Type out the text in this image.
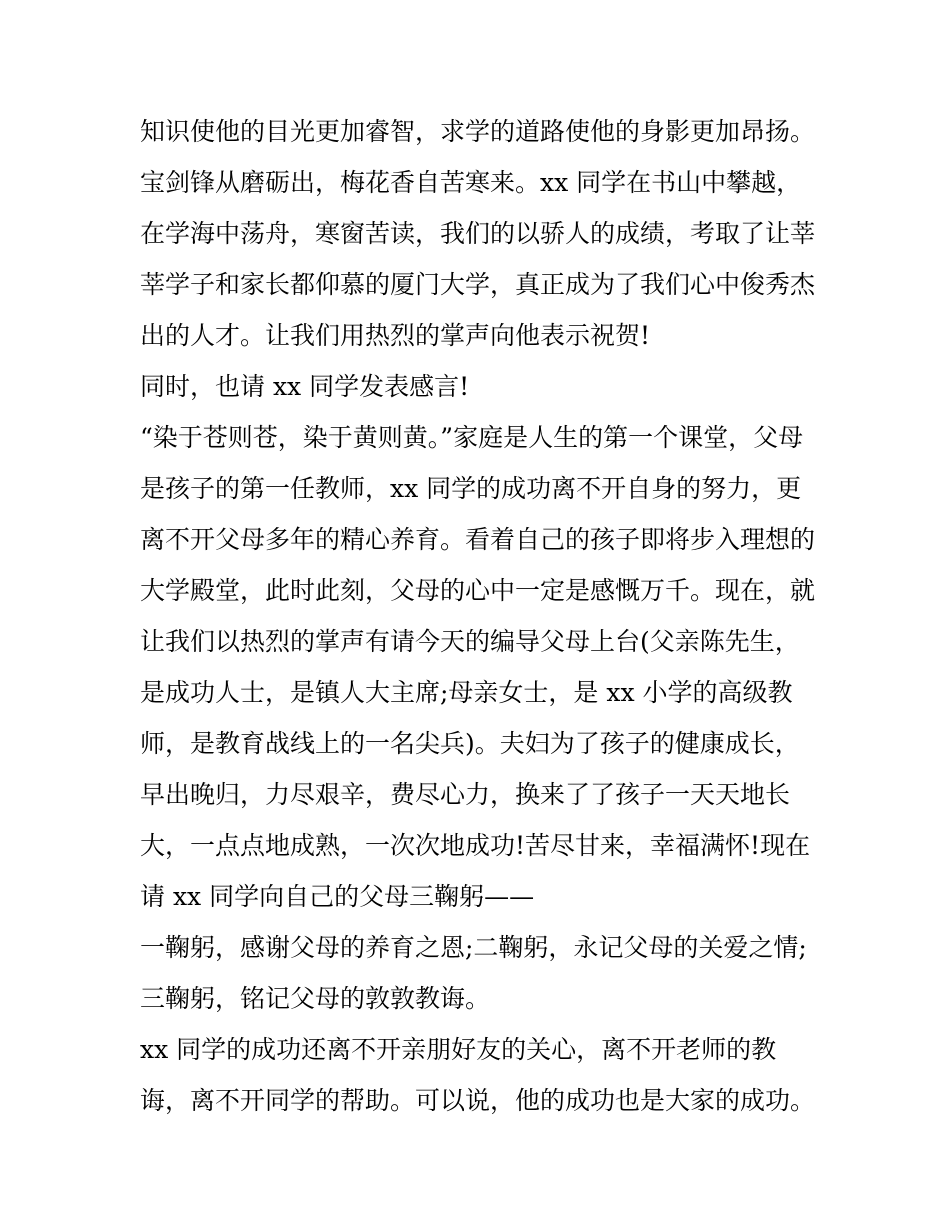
知识使他的目光更加睿智，求学的道路使他的身影更加昂扬。
宝剑锋从磨砺出，梅花香自苦寒来。xx 同学在书山中攀越，
在学海中荡舟，寒窗苦读，我们的以骄人的成绩，考取了让莘
莘学子和家长都仰慕的厦门大学，真正成为了我们心中俊秀杰
出的人才。让我们用热烈的掌声向他表示祝贺!
同时，也请 xx 同学发表感言!
“染于苍则苍，染于黄则黄。”家庭是人生的第一个课堂，父母
是孩子的第一任教师，xx 同学的成功离不开自身的努力，更
离不开父母多年的精心养育。看着自己的孩子即将步入理想的
大学殿堂，此时此刻，父母的心中一定是感慨万千。现在，就
让我们以热烈的掌声有请今天的编导父母上台(父亲陈先生，
是成功人士，是镇人大主席;母亲女士，是 xx 小学的高级教
师，是教育战线上的一名尖兵)。夫妇为了孩子的健康成长，
早出晚归，力尽艰辛，费尽心力，换来了了孩子一天天地长
大，一点点地成熟，一次次地成功!苦尽甘来，幸福满怀!现在
请 xx 同学向自己的父母三鞠躬——
一鞠躬，感谢父母的养育之恩;二鞠躬，永记父母的关爱之情;
三鞠躬，铭记父母的敦敦教诲。
xx 同学的成功还离不开亲朋好友的关心，离不开老师的教
诲，离不开同学的帮助。可以说，他的成功也是大家的成功。
